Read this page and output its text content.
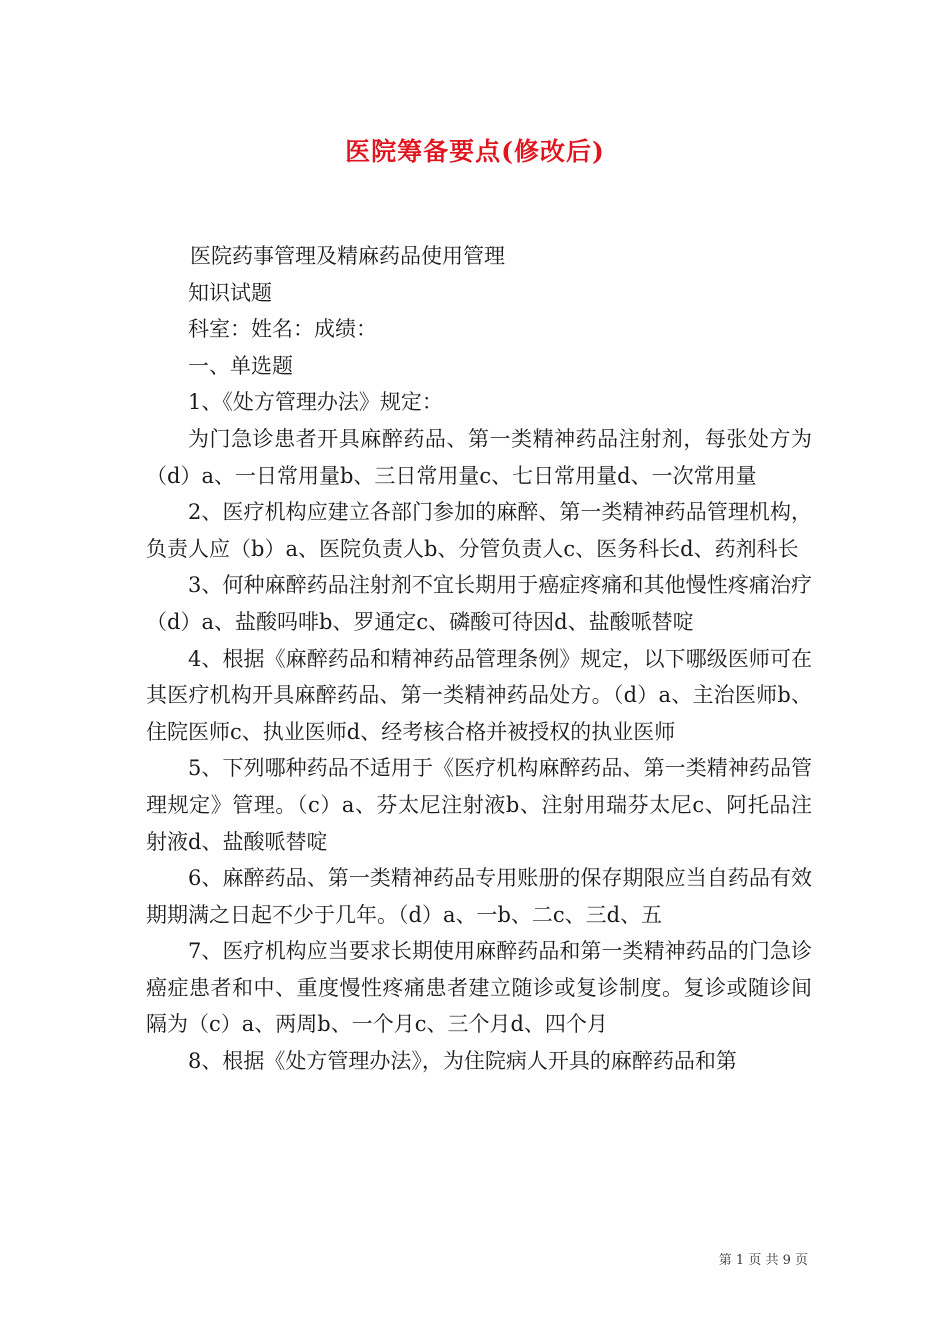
医院筹备要点(修改后)

医院药事管理及精麻药品使用管理

知识试题

科室：姓名：成绩：

一、单选题

1、《处方管理办法》规定：

为门急诊患者开具麻醉药品、第一类精神药品注射剂，每张处方为（d）a、一日常用量b、三日常用量c、七日常用量d、一次常用量

2、医疗机构应建立各部门参加的麻醉、第一类精神药品管理机构，负责人应（b）a、医院负责人b、分管负责人c、医务科长d、药剂科长

3、何种麻醉药品注射剂不宜长期用于癌症疼痛和其他慢性疼痛治疗（d）a、盐酸吗啡b、罗通定c、磷酸可待因d、盐酸哌替啶

4、根据《麻醉药品和精神药品管理条例》规定，以下哪级医师可在其医疗机构开具麻醉药品、第一类精神药品处方。（d）a、主治医师b、住院医师c、执业医师d、经考核合格并被授权的执业医师

5、下列哪种药品不适用于《医疗机构麻醉药品、第一类精神药品管理规定》管理。（c）a、芬太尼注射液b、注射用瑞芬太尼c、阿托品注射液d、盐酸哌替啶

6、麻醉药品、第一类精神药品专用账册的保存期限应当自药品有效期期满之日起不少于几年。（d）a、一b、二c、三d、五

7、医疗机构应当要求长期使用麻醉药品和第一类精神药品的门急诊癌症患者和中、重度慢性疼痛患者建立随诊或复诊制度。复诊或随诊间隔为（c）a、两周b、一个月c、三个月d、四个月

8、根据《处方管理办法》，为住院病人开具的麻醉药品和第

第 1 页 共 9 页
